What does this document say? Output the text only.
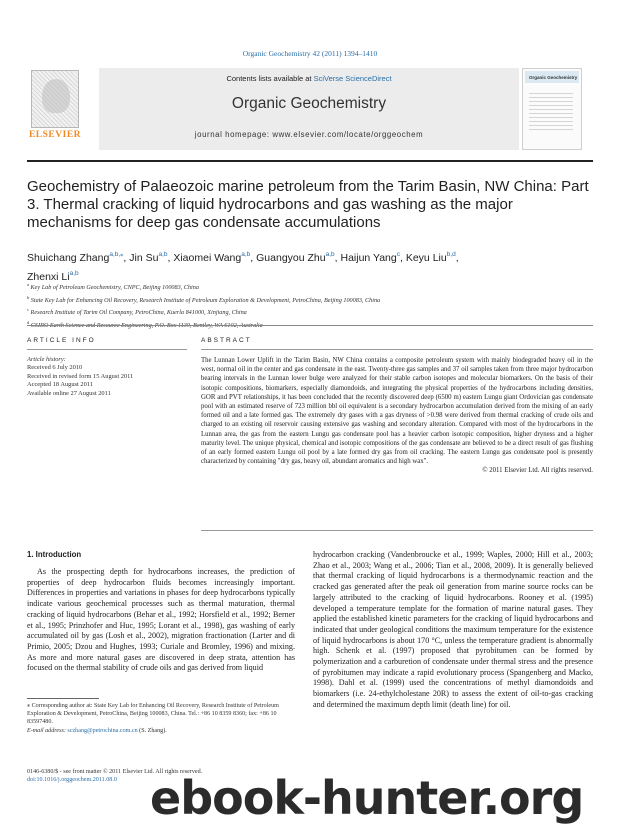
Organic Geochemistry 42 (2011) 1394–1410
ELSEVIER
Contents lists available at SciVerse ScienceDirect
Organic Geochemistry
journal homepage: www.elsevier.com/locate/orggeochem
Organic Geochemistry
Geochemistry of Palaeozoic marine petroleum from the Tarim Basin, NW China: Part 3. Thermal cracking of liquid hydrocarbons and gas washing as the major mechanisms for deep gas condensate accumulations
Shuichang Zhang$^{a,b,⁎}$, Jin Su$^{a,b}$, Xiaomei Wang$^{a,b}$, Guangyou Zhu$^{a,b}$, Haijun Yang$^c$, Keyu Liu$^{b,d}$,
Zhenxi Li$^{a,b}$
$^a$ Key Lab of Petroleum Geochemistry, CNPC, Beijing 100083, China
$^b$ State Key Lab for Enhancing Oil Recovery, Research Institute of Petroleum Exploration & Development, PetroChina, Beijing 100083, China
$^c$ Research Institute of Tarim Oil Company, PetroChina, Kuerla 841000, Xinjiang, China
$^d$
ARTICLE INFO
Article history:
Received 6 July 2010
Received in revised form 15 August 2011
Accepted 18 August 2011
Available online 27 August 2011
ABSTRACT
The Lunnan Lower Uplift in the Tarim Basin, NW China contains a composite petroleum system with mainly biodegraded heavy oil in the west, normal oil in the center and gas condensate in the east. Twenty-three gas samples and 37 oil samples taken from three major hydrocarbon bearing intervals in the Lunnan lower bulge were analyzed for their stable carbon isotopes and molecular biomarkers. On the basis of their isotopic compositions, biomarkers, especially diamondoids, and integrating the physical properties of the hydrocarbons including densities, GOR and PVT relationships, it has been concluded that the recently discovered deep (6500 m) eastern Lungu giant Ordovician gas condensate pool with an estimated reserve of 723 million bbl oil equivalent is a secondary hydrocarbon accumulation derived from the mixing of an early formed oil and a late formed gas. The extremely dry gases with a gas dryness of >0.98 were derived from thermal cracking of crude oils and charged to an existing oil reservoir causing extensive gas washing and secondary alteration. Compared with most of the hydrocarbons in the Lunnan area, the gas from the eastern Lungu gas condensate pool has a heavier carbon isotopic composition, higher dryness and a higher maturity level. The unique physical, chemical and isotopic compositions of the gas condensate are believed to be a direct result of gas flushing of an early formed eastern Lungu oil pool by a late formed dry gas from oil cracking. The eastern Lungu gas condensate pool is presently characterized by containing "dry gas, heavy oil, abundant aromatics and high wax".
© 2011 Elsevier Ltd. All rights reserved.
1. Introduction
As the prospecting depth for hydrocarbons increases, the prediction of properties of deep hydrocarbon fluids becomes increasingly important. Differences in properties and variations in phases for deep hydrocarbons typically indicate various geochemical processes such as thermal maturation, thermal cracking of liquid hydrocarbons (Behar et al., 1992; Horsfield et al., 1992; Berner et al., 1995; Prinzhofer and Huc, 1995; Lorant et al., 1998), gas washing of early accumulated oil by gas (Losh et al., 2002), migration fractionation (Larter and di Primio, 2005; Dzou and Hughes, 1993; Curiale and Bromley, 1996) and mixing. As more and more natural gases are discovered in deep strata, attention has focused on the thermal stability of crude oils and gas derived from liquid
hydrocarbon cracking (Vandenbroucke et al., 1999; Waples, 2000; Hill et al., 2003; Zhao et al., 2003; Wang et al., 2006; Tian et al., 2008, 2009). It is generally believed that thermal cracking of liquid hydrocarbons is a thermodynamic reaction and the cracked gas generated after the peak oil generation from marine source rocks can be largely attributed to the cracking of liquid hydrocarbons. Rooney et al. (1995) developed a temperature template for the formation of marine natural gases. They applied the established kinetic parameters for the cracking of liquid hydrocarbons and indicated that under geological conditions the maximum temperature for the existence of liquid hydrocarbons is about 170 °C, unless the temperature gradient is abnormally high. Schenk et al. (1997) proposed that pyrobitumen can be formed by polymerization and a carburetion of condensate under thermal stress and the presence of pyrobitumen may indicate a rapid evolutionary process (Spangenberg and Macko, 1998). Dahl et al. (1999) used the concentrations of methyl diamondoids and biomarkers (i.e. 24-ethylcholestane 20R) to assess the extent of oil-to-gas cracking and determined the maximum depth limit (death line) for oil.
⁎ Corresponding author at: State Key Lab for Enhancing Oil Recovery, Research Institute of Petroleum Exploration & Development, PetroChina, Beijing 100083, China. Tel.: +86 10 8359 8360; fax: +86 10 83597480.
E-mail address: sczhang@petrochina.com.cn (S. Zhang).
0146-6380/$ - see front matter © 2011 Elsevier Ltd. All rights reserved.
doi:10.1016/j.orggeochem.2011.08.0 ebook-hunter.org
